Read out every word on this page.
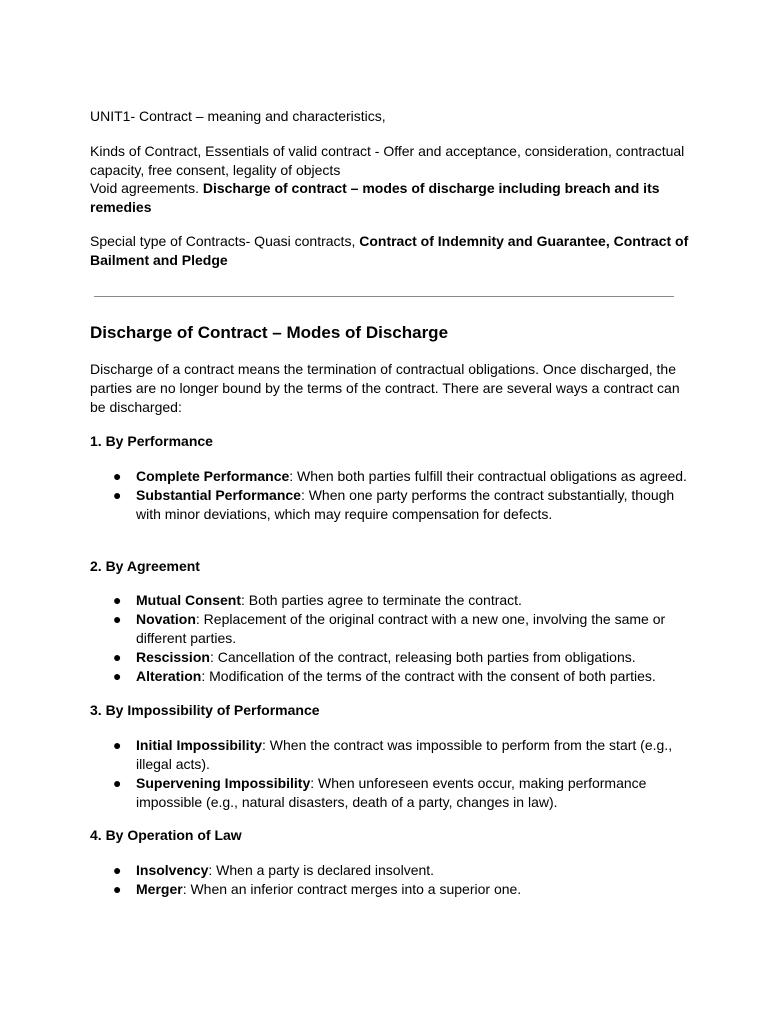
UNIT1- Contract – meaning and characteristics,

Kinds of Contract, Essentials of valid contract - Offer and acceptance, consideration, contractual capacity, free consent, legality of objects

Void agreements. Discharge of contract – modes of discharge including breach and its remedies

Special type of Contracts- Quasi contracts, Contract of Indemnity and Guarantee, Contract of Bailment and Pledge

Discharge of Contract – Modes of Discharge

Discharge of a contract means the termination of contractual obligations. Once discharged, the parties are no longer bound by the terms of the contract. There are several ways a contract can be discharged:

1. By Performance
● Complete Performance: When both parties fulfill their contractual obligations as agreed.
● Substantial Performance: When one party performs the contract substantially, though with minor deviations, which may require compensation for defects.
2. By Agreement
● Mutual Consent: Both parties agree to terminate the contract.
● Novation: Replacement of the original contract with a new one, involving the same or different parties.
● Rescission: Cancellation of the contract, releasing both parties from obligations.
● Alteration: Modification of the terms of the contract with the consent of both parties.
3. By Impossibility of Performance
● Initial Impossibility: When the contract was impossible to perform from the start (e.g., illegal acts).
● Supervening Impossibility: When unforeseen events occur, making performance impossible (e.g., natural disasters, death of a party, changes in law).
4. By Operation of Law
● Insolvency: When a party is declared insolvent.
● Merger: When an inferior contract merges into a superior one.
